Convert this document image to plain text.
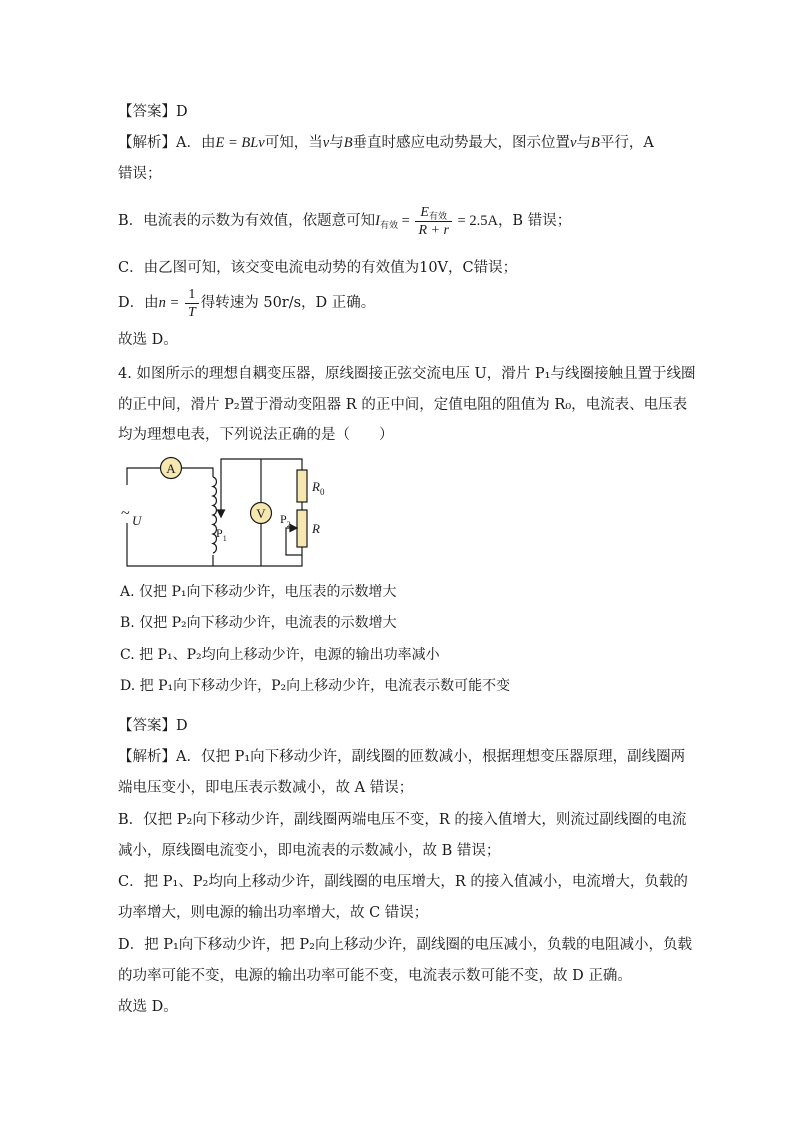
【答案】D
【解析】A．由E = BLv可知，当v与B垂直时感应电动势最大，图示位置v与B平行，A
错误；
B．电流表的示数为有效值，依题意可知$I_{有效} = \frac{E_{有效}}{R + r} = 2.5A$，B 错误；
C．由乙图可知，该交变电流电动势的有效值为10V，C错误；
D．由$n = \frac{1}{T}$ 得转速为 50r/s，D 正确。
故选 D。
4. 如图所示的理想自耦变压器，原线圈接正弦交流电压 U，滑片 P₁与线圈接触且置于线圈
的正中间，滑片 P₂置于滑动变阻器 R 的正中间，定值电阻的阻值为 R₀，电流表、电压表
均为理想电表，下列说法正确的是（　　）
A
~ U
$P_1$
V
$R_0$
R
$P_2$
A. 仅把 P₁向下移动少许，电压表的示数增大
B. 仅把 P₂向下移动少许，电流表的示数增大
C. 把 P₁、P₂均向上移动少许，电源的输出功率减小
D. 把 P₁向下移动少许，P₂向上移动少许，电流表示数可能不变
【答案】D
【解析】A．仅把 P₁向下移动少许，副线圈的匝数减小，根据理想变压器原理，副线圈两
端电压变小，即电压表示数减小，故 A 错误；
B．仅把 P₂向下移动少许，副线圈两端电压不变，R 的接入值增大，则流过副线圈的电流
减小，原线圈电流变小，即电流表的示数减小，故 B 错误；
C．把 P₁、P₂均向上移动少许，副线圈的电压增大，R 的接入值减小，电流增大，负载的
功率增大，则电源的输出功率增大，故 C 错误；
D．把 P₁向下移动少许，把 P₂向上移动少许，副线圈的电压减小，负载的电阻减小，负载
的功率可能不变，电源的输出功率可能不变，电流表示数可能不变，故 D 正确。
故选 D。
